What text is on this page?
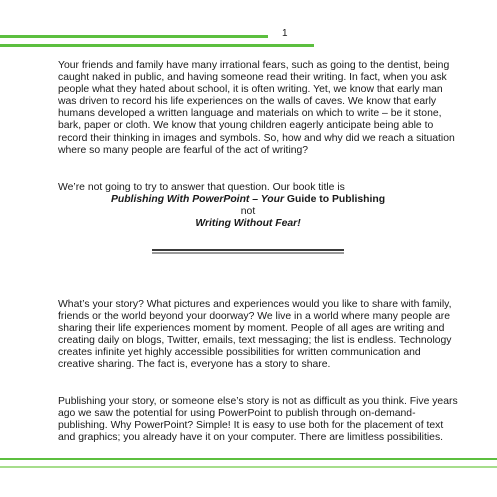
1

Your friends and family have many irrational fears, such as going to the dentist, being caught naked in public, and having someone read their writing. In fact, when you ask people what they hated about school, it is often writing. Yet, we know that early man was driven to record his life experiences on the walls of caves. We know that early humans developed a written language and materials on which to write – be it stone, bark, paper or cloth. We know that young children eagerly anticipate being able to record their thinking in images and symbols. So, how and why did we reach a situation where so many people are fearful of the act of writing?

We’re not going to try to answer that question. Our book title is

Publishing With PowerPoint – Your Guide to Publishing
not
Writing Without Fear!

What’s your story? What pictures and experiences would you like to share with family, friends or the world beyond your doorway? We live in a world where many people are sharing their life experiences moment by moment. People of all ages are writing and creating daily on blogs, Twitter, emails, text messaging; the list is endless. Technology creates infinite yet highly accessible possibilities for written communication and creative sharing. The fact is, everyone has a story to share.

Publishing your story, or someone else’s story is not as difficult as you think. Five years ago we saw the potential for using PowerPoint to publish through on-demand-publishing. Why PowerPoint? Simple! It is easy to use both for the placement of text and graphics; you already have it on your computer. There are limitless possibilities.
